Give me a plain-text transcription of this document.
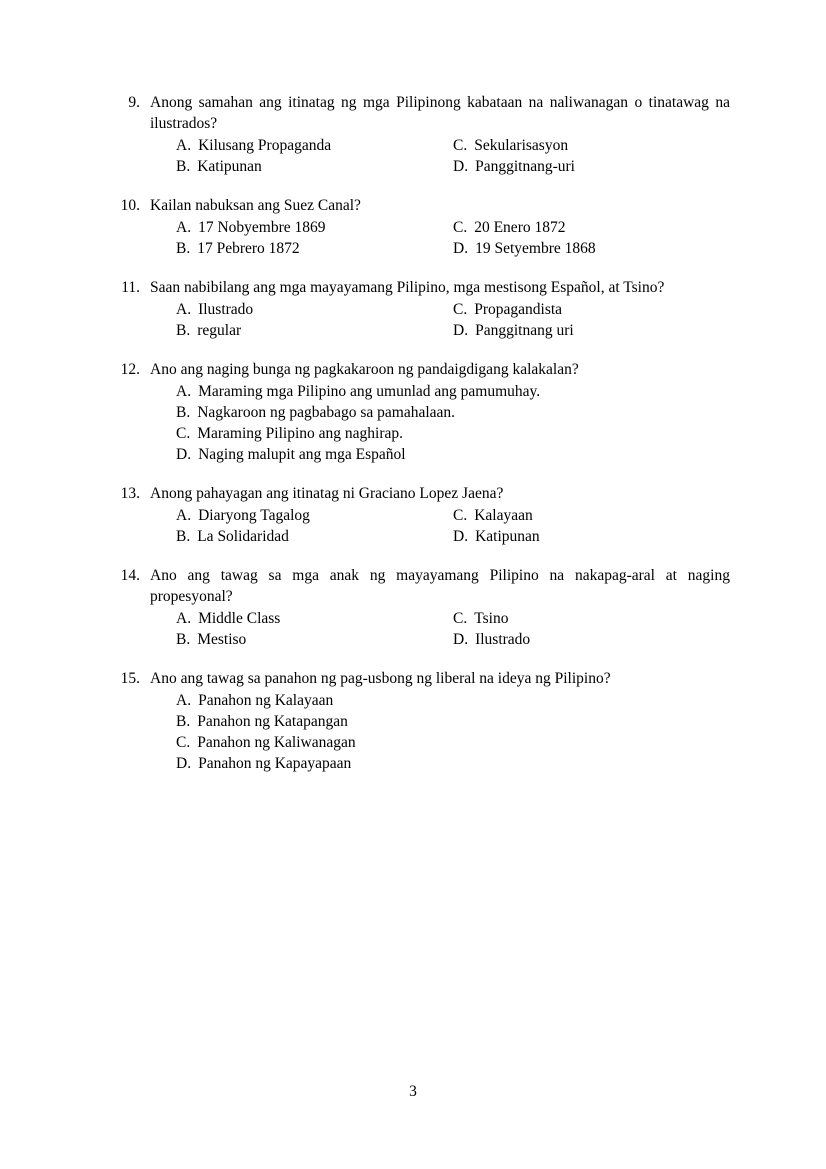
9. Anong samahan ang itinatag ng mga Pilipinong kabataan na naliwanagan o tinatawag na ilustrados?
A. Kilusang Propaganda	C. Sekularisasyon
B. Katipunan	D. Panggitnang-uri
10. Kailan nabuksan ang Suez Canal?
A. 17 Nobyembre 1869	C. 20 Enero 1872
B. 17 Pebrero 1872	D. 19 Setyembre 1868
11. Saan nabibilang ang mga mayayamang Pilipino, mga mestisong Español, at Tsino?
A. Ilustrado	C. Propagandista
B. regular	D. Panggitnang uri
12. Ano ang naging bunga ng pagkakaroon ng pandaigdigang kalakalan?
A. Maraming mga Pilipino ang umunlad ang pamumuhay.
B. Nagkaroon ng pagbabago sa pamahalaan.
C. Maraming Pilipino ang naghirap.
D. Naging malupit ang mga Español
13. Anong pahayagan ang itinatag ni Graciano Lopez Jaena?
A. Diaryong Tagalog	C. Kalayaan
B. La Solidaridad	D. Katipunan
14. Ano ang tawag sa mga anak ng mayayamang Pilipino na nakapag-aral at naging propesyonal?
A. Middle Class	C. Tsino
B. Mestiso	D. Ilustrado
15. Ano ang tawag sa panahon ng pag-usbong ng liberal na ideya ng Pilipino?
A. Panahon ng Kalayaan
B. Panahon ng Katapangan
C. Panahon ng Kaliwanagan
D. Panahon ng Kapayapaan
3
